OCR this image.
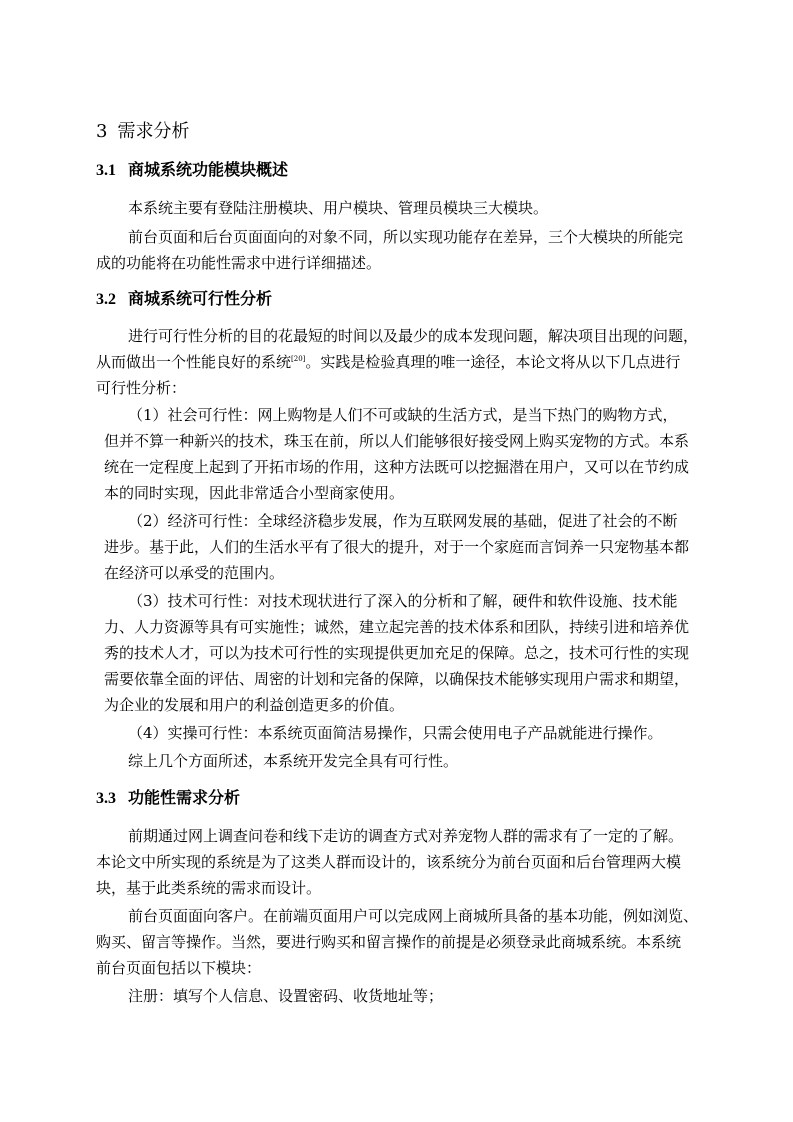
3 需求分析
3.1 商城系统功能模块概述
本系统主要有登陆注册模块、用户模块、管理员模块三大模块。
前台页面和后台页面面向的对象不同，所以实现功能存在差异，三个大模块的所能完
成的功能将在功能性需求中进行详细描述。
3.2 商城系统可行性分析
进行可行性分析的目的花最短的时间以及最少的成本发现问题，解决项目出现的问题，
从而做出一个性能良好的系统[20]。实践是检验真理的唯一途径，本论文将从以下几点进行
可行性分析：
（1）社会可行性：网上购物是人们不可或缺的生活方式，是当下热门的购物方式，
但并不算一种新兴的技术，珠玉在前，所以人们能够很好接受网上购买宠物的方式。本系
统在一定程度上起到了开拓市场的作用，这种方法既可以挖掘潜在用户，又可以在节约成
本的同时实现，因此非常适合小型商家使用。
（2）经济可行性：全球经济稳步发展，作为互联网发展的基础，促进了社会的不断
进步。基于此，人们的生活水平有了很大的提升，对于一个家庭而言饲养一只宠物基本都
在经济可以承受的范围内。
（3）技术可行性：对技术现状进行了深入的分析和了解，硬件和软件设施、技术能
力、人力资源等具有可实施性；诚然，建立起完善的技术体系和团队，持续引进和培养优
秀的技术人才，可以为技术可行性的实现提供更加充足的保障。总之，技术可行性的实现
需要依靠全面的评估、周密的计划和完备的保障，以确保技术能够实现用户需求和期望，
为企业的发展和用户的利益创造更多的价值。
（4）实操可行性：本系统页面简洁易操作，只需会使用电子产品就能进行操作。
综上几个方面所述，本系统开发完全具有可行性。
3.3 功能性需求分析
前期通过网上调查问卷和线下走访的调查方式对养宠物人群的需求有了一定的了解。
本论文中所实现的系统是为了这类人群而设计的，该系统分为前台页面和后台管理两大模
块，基于此类系统的需求而设计。
前台页面面向客户。在前端页面用户可以完成网上商城所具备的基本功能，例如浏览、
购买、留言等操作。当然，要进行购买和留言操作的前提是必须登录此商城系统。本系统
前台页面包括以下模块：
注册：填写个人信息、设置密码、收货地址等；
